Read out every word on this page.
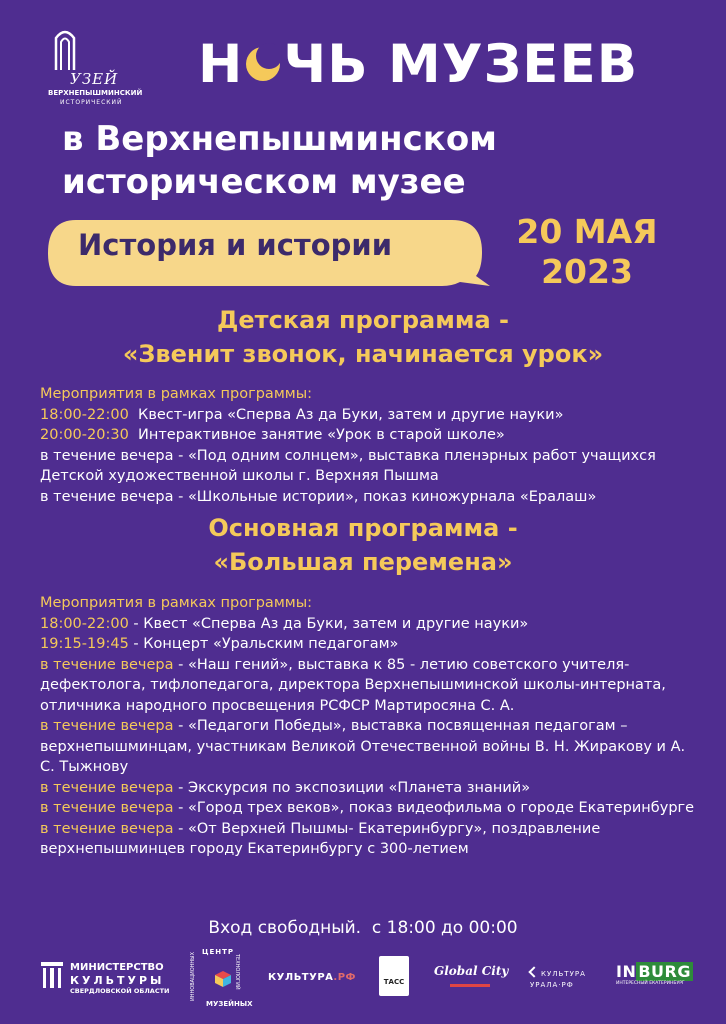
УЗЕЙ
ВЕРХНЕПЫШМИНСКИЙ
ИСТОРИЧЕСКИЙ
Н ЧЬ МУЗЕЕВ
в Верхнепышминском
историческом музее
История и истории	20 МАЯ
2023
Детская программа -
«Звенит звонок, начинается урок»
Мероприятия в рамках программы:
18:00-22:00  Квест-игра «Сперва Аз да Буки, затем и другие науки»
20:00-20:30  Интерактивное занятие «Урок в старой школе»
в течение вечера - «Под одним солнцем», выставка пленэрных работ учащихся Детской художественной школы г. Верхняя Пышма
в течение вечера - «Школьные истории», показ киножурнала «Ералаш»
Основная программа -
«Большая перемена»
Мероприятия в рамках программы:
18:00-22:00 - Квест «Сперва Аз да Буки, затем и другие науки»
19:15-19:45 - Концерт «Уральским педагогам»
в течение вечера - «Наш гений», выставка к 85 - летию советского учителя-дефектолога, тифлопедагога, директора Верхнепышминской школы-интерната, отличника народного просвещения РСФСР Мартиросяна С. А.
в течение вечера - «Педагоги Победы», выставка посвященная педагогам – верхнепышминцам, участникам Великой Отечественной войны В. Н. Жиракову и А. С. Тыжнову
в течение вечера - Экскурсия по экспозиции «Планета знаний»
в течение вечера - «Город трех веков», показ видеофильма о городе Екатеринбурге
в течение вечера - «От Верхней Пышмы- Екатеринбургу», поздравление верхнепышминцев городу Екатеринбургу с 300-летием
Вход свободный.  с 18:00 до 00:00
МИНИСТЕРСТВО
КУЛЬТУРЫ
СВЕРДЛОВСКОЙ ОБЛАСТИ
ЦЕНТР
ИННОВАЦИОННЫХ	ТЕХНОЛОГИЙ
МУЗЕЙНЫХ
КУЛЬТУРА.РФ	ТАСС
Global City	КУЛЬТУРА
УРАЛА·РФ
IN BURG
ИНТЕРЕСНЫЙ ЕКАТЕРИНБУРГ
